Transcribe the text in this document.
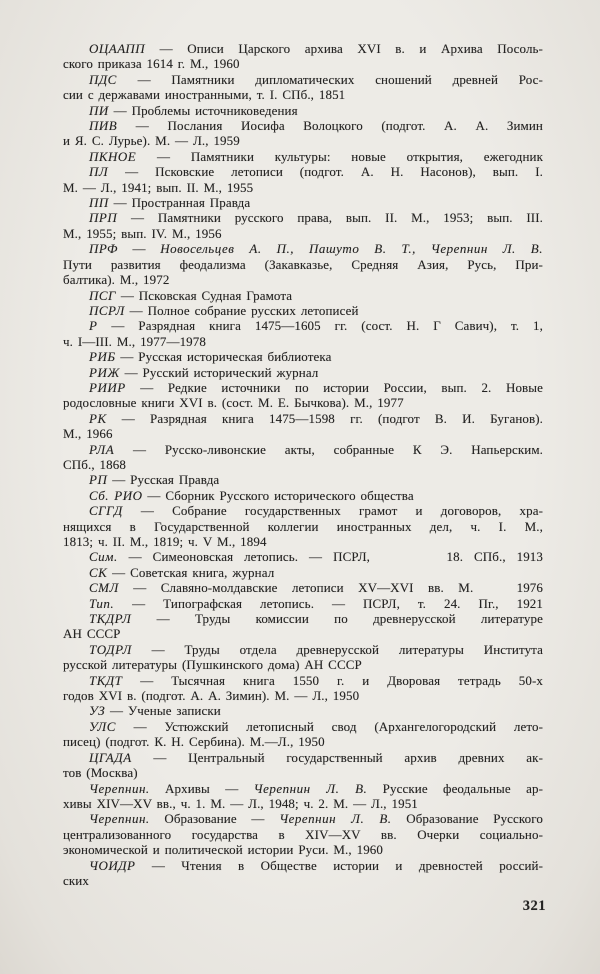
ОЦААПП — Описи Царского архива XVI в. и Архива Посоль-
ского приказа 1614 г. М., 1960
ПДС — Памятники дипломатических сношений древней Рос-
сии с державами иностранными, т. I. СПб., 1851
ПИ — Проблемы источниковедения
ПИВ — Послания Иосифа Волоцкого (подгот. А. А. Зимин
и Я. С. Лурье). М. — Л., 1959
ПКНОЕ — Памятники культуры: новые открытия, ежегодник
ПЛ — Псковские летописи (подгот. А. Н. Насонов), вып. I.
М. — Л., 1941; вып. II. М., 1955
ПП — Пространная Правда
ПРП — Памятники русского права, вып. II. М., 1953; вып. III.
М., 1955; вып. IV. М., 1956
ПРФ — Новосельцев А. П., Пашуто В. Т., Черепнин Л. В.
Пути развития феодализма (Закавказье, Средняя Азия, Русь, При-
балтика). М., 1972
ПСГ — Псковская Судная Грамота
ПСРЛ — Полное собрание русских летописей
Р — Разрядная книга 1475—1605 гг. (сост. Н. Г Савич), т. 1,
ч. I—III. М., 1977—1978
РИБ — Русская историческая библиотека
РИЖ — Русский исторический журнал
РИИР — Редкие источники по истории России, вып. 2. Новые
родословные книги XVI в. (сост. М. Е. Бычкова). М., 1977
РК — Разрядная книга 1475—1598 гг. (подгот В. И. Буганов).
М., 1966
РЛА — Русско-ливонские акты, собранные К Э. Напьерским.
СПб., 1868
РП — Русская Правда
Сб. РИО — Сборник Русского исторического общества
СГГД — Собрание государственных грамот и договоров, хра-
нящихся в Государственной коллегии иностранных дел, ч. I. М.,
1813; ч. II. М., 1819; ч. V М., 1894
Сим. — Симеоновская летопись. — ПСРЛ,       18. СПб., 1913
СК — Советская книга, журнал
СМЛ — Славяно-молдавские летописи XV—XVI вв. М.   1976
Тип. — Типографская летопись. — ПСРЛ, т. 24. Пг., 1921
ТКДРЛ — Труды комиссии по древнерусской литературе
АН СССР
ТОДРЛ — Труды отдела древнерусской литературы Института
русской литературы (Пушкинского дома) АН СССР
ТКДТ — Тысячная книга 1550 г. и Дворовая тетрадь 50-х
годов XVI в. (подгот. А. А. Зимин). М. — Л., 1950
УЗ — Ученые записки
УЛС — Устюжский летописный свод (Архангелогородский лето-
писец) (подгот. К. Н. Сербина). М.—Л., 1950
ЦГАДА — Центральный государственный архив древних ак-
тов (Москва)
Черепнин. Архивы — Черепнин Л. В. Русские феодальные ар-
хивы XIV—XV вв., ч. 1. М. — Л., 1948; ч. 2. М. — Л., 1951
Черепнин. Образование — Черепнин Л. В. Образование Русского
централизованного государства в XIV—XV вв. Очерки социально-
экономической и политической истории Руси. М., 1960
ЧОИДР — Чтения в Обществе истории и древностей россий-
ских
321
